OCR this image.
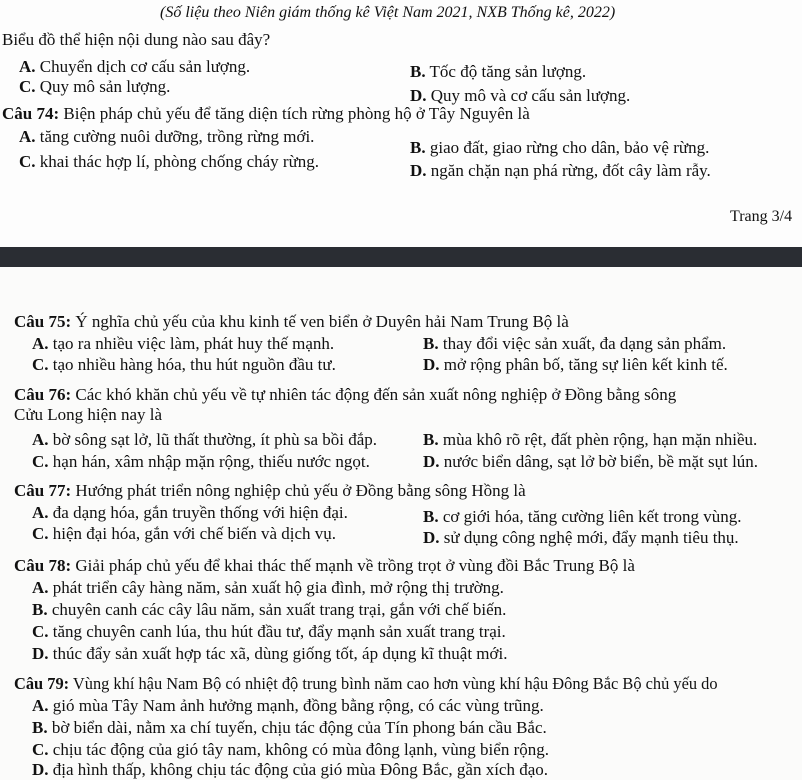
(Số liệu theo Niên giám thống kê Việt Nam 2021, NXB Thống kê, 2022)
Biểu đồ thể hiện nội dung nào sau đây?
A. Chuyển dịch cơ cấu sản lượng.	B. Tốc độ tăng sản lượng.
C. Quy mô sản lượng.	D. Quy mô và cơ cấu sản lượng.
Câu 74: Biện pháp chủ yếu để tăng diện tích rừng phòng hộ ở Tây Nguyên là
A. tăng cường nuôi dưỡng, trồng rừng mới.
B. giao đất, giao rừng cho dân, bảo vệ rừng.
C. khai thác hợp lí, phòng chống cháy rừng.	D. ngăn chặn nạn phá rừng, đốt cây làm rẫy.
Trang 3/4
Câu 75: Ý nghĩa chủ yếu của khu kinh tế ven biển ở Duyên hải Nam Trung Bộ là
A. tạo ra nhiều việc làm, phát huy thế mạnh.	B. thay đổi việc sản xuất, đa dạng sản phẩm.
C. tạo nhiều hàng hóa, thu hút nguồn đầu tư.	D. mở rộng phân bố, tăng sự liên kết kinh tế.
Câu 76: Các khó khăn chủ yếu về tự nhiên tác động đến sản xuất nông nghiệp ở Đồng bằng sông
Cửu Long hiện nay là
A. bờ sông sạt lở, lũ thất thường, ít phù sa bồi đắp.	B. mùa khô rõ rệt, đất phèn rộng, hạn mặn nhiều.
C. hạn hán, xâm nhập mặn rộng, thiếu nước ngọt.	D. nước biển dâng, sạt lở bờ biển, bề mặt sụt lún.
Câu 77: Hướng phát triển nông nghiệp chủ yếu ở Đồng bằng sông Hồng là
A. đa dạng hóa, gắn truyền thống với hiện đại.	B. cơ giới hóa, tăng cường liên kết trong vùng.
C. hiện đại hóa, gắn với chế biến và dịch vụ.	D. sử dụng công nghệ mới, đẩy mạnh tiêu thụ.
Câu 78: Giải pháp chủ yếu để khai thác thế mạnh về trồng trọt ở vùng đồi Bắc Trung Bộ là
A. phát triển cây hàng năm, sản xuất hộ gia đình, mở rộng thị trường.
B. chuyên canh các cây lâu năm, sản xuất trang trại, gắn với chế biến.
C. tăng chuyên canh lúa, thu hút đầu tư, đẩy mạnh sản xuất trang trại.
D. thúc đẩy sản xuất hợp tác xã, dùng giống tốt, áp dụng kĩ thuật mới.
Câu 79: Vùng khí hậu Nam Bộ có nhiệt độ trung bình năm cao hơn vùng khí hậu Đông Bắc Bộ chủ yếu do
A. gió mùa Tây Nam ảnh hưởng mạnh, đồng bằng rộng, có các vùng trũng.
B. bờ biển dài, nằm xa chí tuyến, chịu tác động của Tín phong bán cầu Bắc.
C. chịu tác động của gió tây nam, không có mùa đông lạnh, vùng biển rộng.
D. địa hình thấp, không chịu tác động của gió mùa Đông Bắc, gần xích đạo.
